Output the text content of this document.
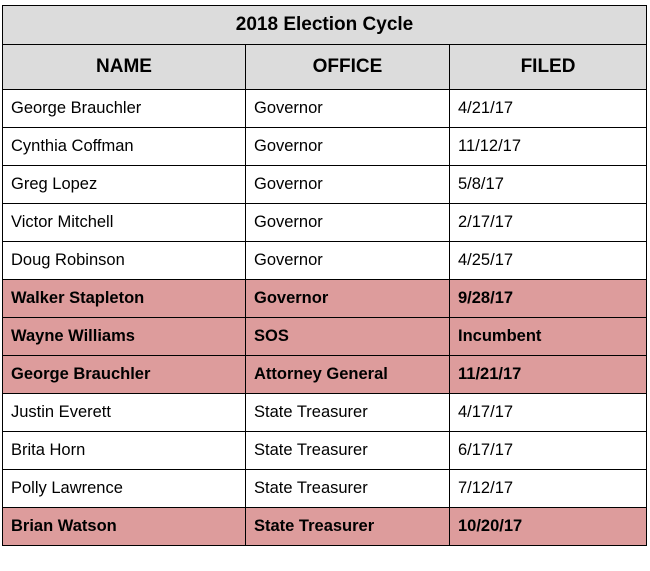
2018 Election Cycle		
NAME	OFFICE	FILED
George Brauchler	Governor	4/21/17
Cynthia Coffman	Governor	11/12/17
Greg Lopez	Governor	5/8/17
Victor Mitchell	Governor	2/17/17
Doug Robinson	Governor	4/25/17
Walker Stapleton	Governor	9/28/17
Wayne Williams	SOS	Incumbent
George Brauchler	Attorney General	11/21/17
Justin Everett	State Treasurer	4/17/17
Brita Horn	State Treasurer	6/17/17
Polly Lawrence	State Treasurer	7/12/17
Brian Watson	State Treasurer	10/20/17
